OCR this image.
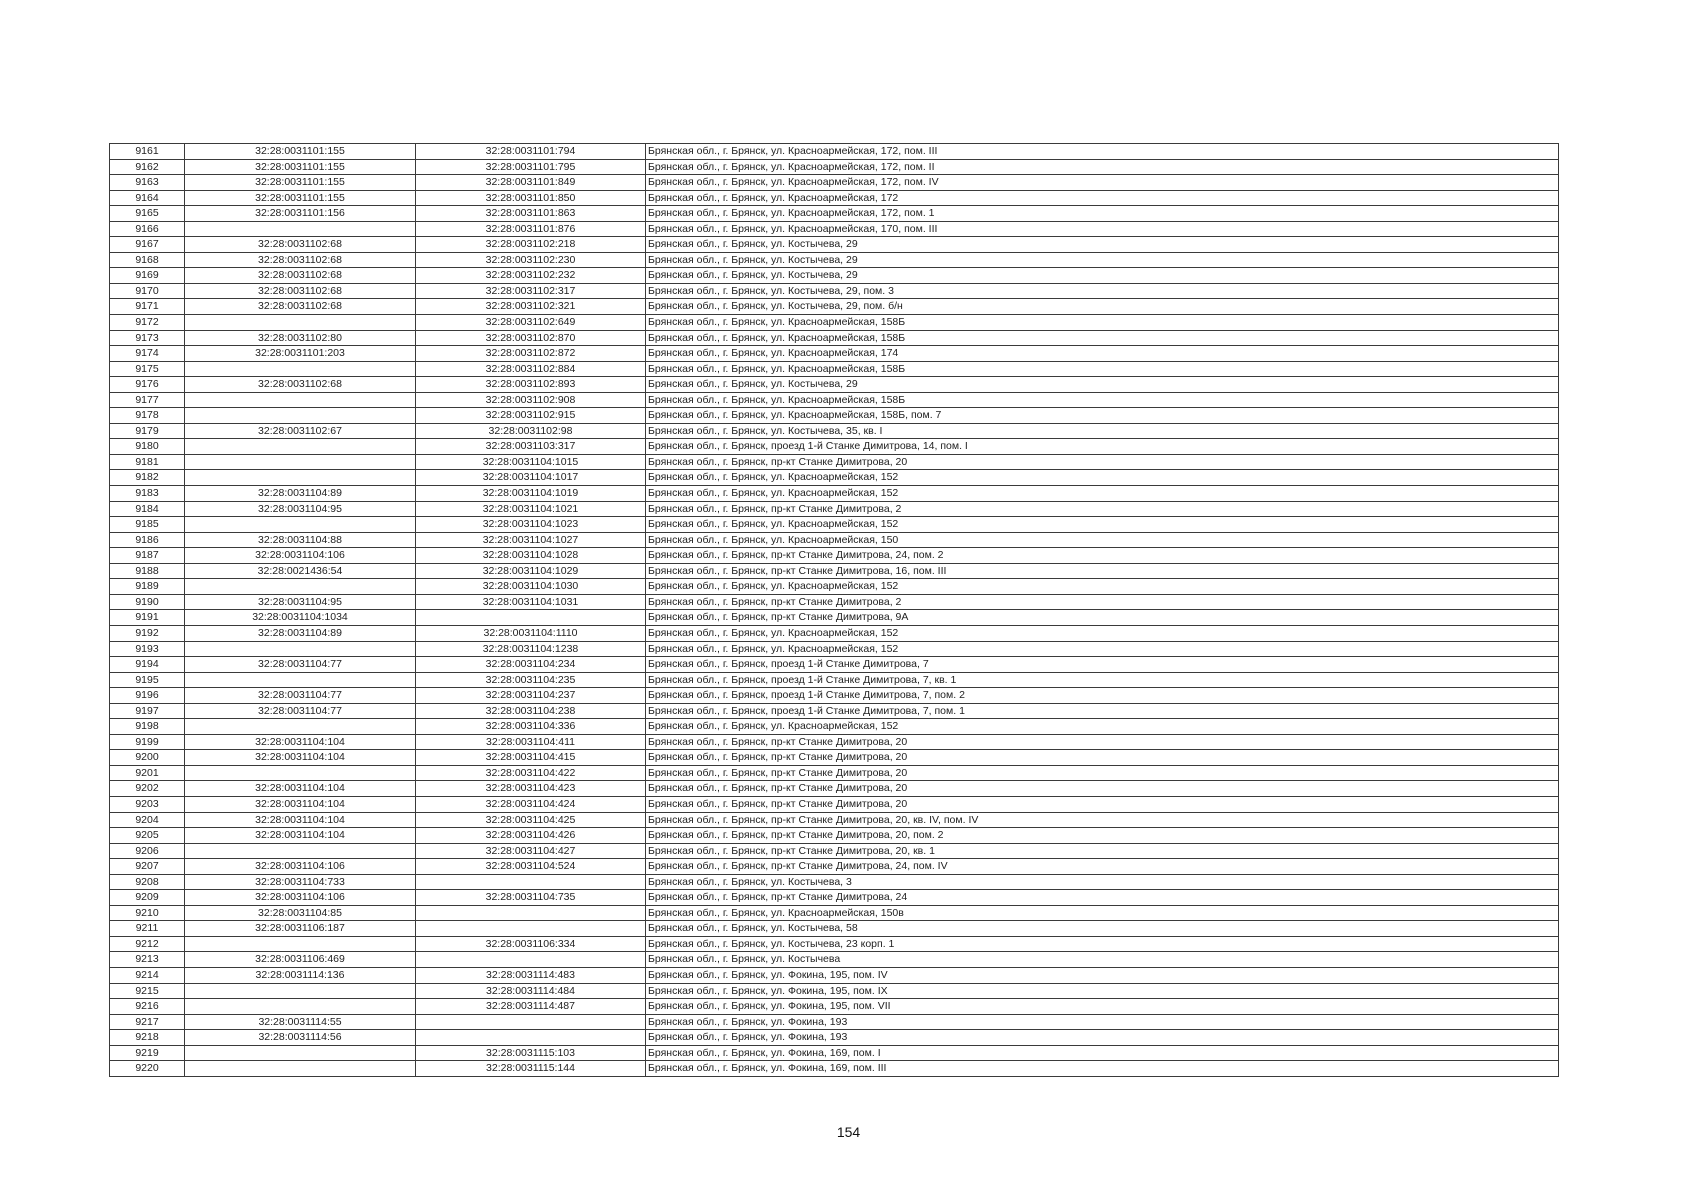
9161	32:28:0031101:155	32:28:0031101:794	Брянская обл., г. Брянск, ул. Красноармейская, 172, пом. III
9162	32:28:0031101:155	32:28:0031101:795	Брянская обл., г. Брянск, ул. Красноармейская, 172, пом. II
9163	32:28:0031101:155	32:28:0031101:849	Брянская обл., г. Брянск, ул. Красноармейская, 172, пом. IV
9164	32:28:0031101:155	32:28:0031101:850	Брянская обл., г. Брянск, ул. Красноармейская, 172
9165	32:28:0031101:156	32:28:0031101:863	Брянская обл., г. Брянск, ул. Красноармейская, 172, пом. 1
9166		32:28:0031101:876	Брянская обл., г. Брянск, ул. Красноармейская, 170, пом. III
9167	32:28:0031102:68	32:28:0031102:218	Брянская обл., г. Брянск, ул. Костычева, 29
9168	32:28:0031102:68	32:28:0031102:230	Брянская обл., г. Брянск, ул. Костычева, 29
9169	32:28:0031102:68	32:28:0031102:232	Брянская обл., г. Брянск, ул. Костычева, 29
9170	32:28:0031102:68	32:28:0031102:317	Брянская обл., г. Брянск, ул. Костычева, 29, пом. 3
9171	32:28:0031102:68	32:28:0031102:321	Брянская обл., г. Брянск, ул. Костычева, 29, пом. б/н
9172		32:28:0031102:649	Брянская обл., г. Брянск, ул. Красноармейская, 158Б
9173	32:28:0031102:80	32:28:0031102:870	Брянская обл., г. Брянск, ул. Красноармейская, 158Б
9174	32:28:0031101:203	32:28:0031102:872	Брянская обл., г. Брянск, ул. Красноармейская, 174
9175		32:28:0031102:884	Брянская обл., г. Брянск, ул. Красноармейская, 158Б
9176	32:28:0031102:68	32:28:0031102:893	Брянская обл., г. Брянск, ул. Костычева, 29
9177		32:28:0031102:908	Брянская обл., г. Брянск, ул. Красноармейская, 158Б
9178		32:28:0031102:915	Брянская обл., г. Брянск, ул. Красноармейская, 158Б, пом. 7
9179	32:28:0031102:67	32:28:0031102:98	Брянская обл., г. Брянск, ул. Костычева, 35, кв. I
9180		32:28:0031103:317	Брянская обл., г. Брянск, проезд 1-й Станке Димитрова, 14, пом. I
9181		32:28:0031104:1015	Брянская обл., г. Брянск, пр-кт Станке Димитрова, 20
9182		32:28:0031104:1017	Брянская обл., г. Брянск, ул. Красноармейская, 152
9183	32:28:0031104:89	32:28:0031104:1019	Брянская обл., г. Брянск, ул. Красноармейская, 152
9184	32:28:0031104:95	32:28:0031104:1021	Брянская обл., г. Брянск, пр-кт Станке Димитрова, 2
9185		32:28:0031104:1023	Брянская обл., г. Брянск, ул. Красноармейская, 152
9186	32:28:0031104:88	32:28:0031104:1027	Брянская обл., г. Брянск, ул. Красноармейская, 150
9187	32:28:0031104:106	32:28:0031104:1028	Брянская обл., г. Брянск, пр-кт Станке Димитрова, 24, пом. 2
9188	32:28:0021436:54	32:28:0031104:1029	Брянская обл., г. Брянск, пр-кт Станке Димитрова, 16, пом. III
9189		32:28:0031104:1030	Брянская обл., г. Брянск, ул. Красноармейская, 152
9190	32:28:0031104:95	32:28:0031104:1031	Брянская обл., г. Брянск, пр-кт Станке Димитрова, 2
9191	32:28:0031104:1034		Брянская обл., г. Брянск, пр-кт Станке Димитрова, 9А
9192	32:28:0031104:89	32:28:0031104:1110	Брянская обл., г. Брянск, ул. Красноармейская, 152
9193		32:28:0031104:1238	Брянская обл., г. Брянск, ул. Красноармейская, 152
9194	32:28:0031104:77	32:28:0031104:234	Брянская обл., г. Брянск, проезд 1-й Станке Димитрова, 7
9195		32:28:0031104:235	Брянская обл., г. Брянск, проезд 1-й Станке Димитрова, 7, кв. 1
9196	32:28:0031104:77	32:28:0031104:237	Брянская обл., г. Брянск, проезд 1-й Станке Димитрова, 7, пом. 2
9197	32:28:0031104:77	32:28:0031104:238	Брянская обл., г. Брянск, проезд 1-й Станке Димитрова, 7, пом. 1
9198		32:28:0031104:336	Брянская обл., г. Брянск, ул. Красноармейская, 152
9199	32:28:0031104:104	32:28:0031104:411	Брянская обл., г. Брянск, пр-кт Станке Димитрова, 20
9200	32:28:0031104:104	32:28:0031104:415	Брянская обл., г. Брянск, пр-кт Станке Димитрова, 20
9201		32:28:0031104:422	Брянская обл., г. Брянск, пр-кт Станке Димитрова, 20
9202	32:28:0031104:104	32:28:0031104:423	Брянская обл., г. Брянск, пр-кт Станке Димитрова, 20
9203	32:28:0031104:104	32:28:0031104:424	Брянская обл., г. Брянск, пр-кт Станке Димитрова, 20
9204	32:28:0031104:104	32:28:0031104:425	Брянская обл., г. Брянск, пр-кт Станке Димитрова, 20, кв. IV, пом. IV
9205	32:28:0031104:104	32:28:0031104:426	Брянская обл., г. Брянск, пр-кт Станке Димитрова, 20, пом. 2
9206		32:28:0031104:427	Брянская обл., г. Брянск, пр-кт Станке Димитрова, 20, кв. 1
9207	32:28:0031104:106	32:28:0031104:524	Брянская обл., г. Брянск, пр-кт Станке Димитрова, 24, пом. IV
9208	32:28:0031104:733		Брянская обл., г. Брянск, ул. Костычева, 3
9209	32:28:0031104:106	32:28:0031104:735	Брянская обл., г. Брянск, пр-кт Станке Димитрова, 24
9210	32:28:0031104:85		Брянская обл., г. Брянск, ул. Красноармейская, 150в
9211	32:28:0031106:187		Брянская обл., г. Брянск, ул. Костычева, 58
9212		32:28:0031106:334	Брянская обл., г. Брянск, ул. Костычева, 23 корп. 1
9213	32:28:0031106:469		Брянская обл., г. Брянск, ул. Костычева
9214	32:28:0031114:136	32:28:0031114:483	Брянская обл., г. Брянск, ул. Фокина, 195, пом. IV
9215		32:28:0031114:484	Брянская обл., г. Брянск, ул. Фокина, 195, пом. IX
9216		32:28:0031114:487	Брянская обл., г. Брянск, ул. Фокина, 195, пом. VII
9217	32:28:0031114:55		Брянская обл., г. Брянск, ул. Фокина, 193
9218	32:28:0031114:56		Брянская обл., г. Брянск, ул. Фокина, 193
9219		32:28:0031115:103	Брянская обл., г. Брянск, ул. Фокина, 169, пом. I
9220		32:28:0031115:144	Брянская обл., г. Брянск, ул. Фокина, 169, пом. III
154
